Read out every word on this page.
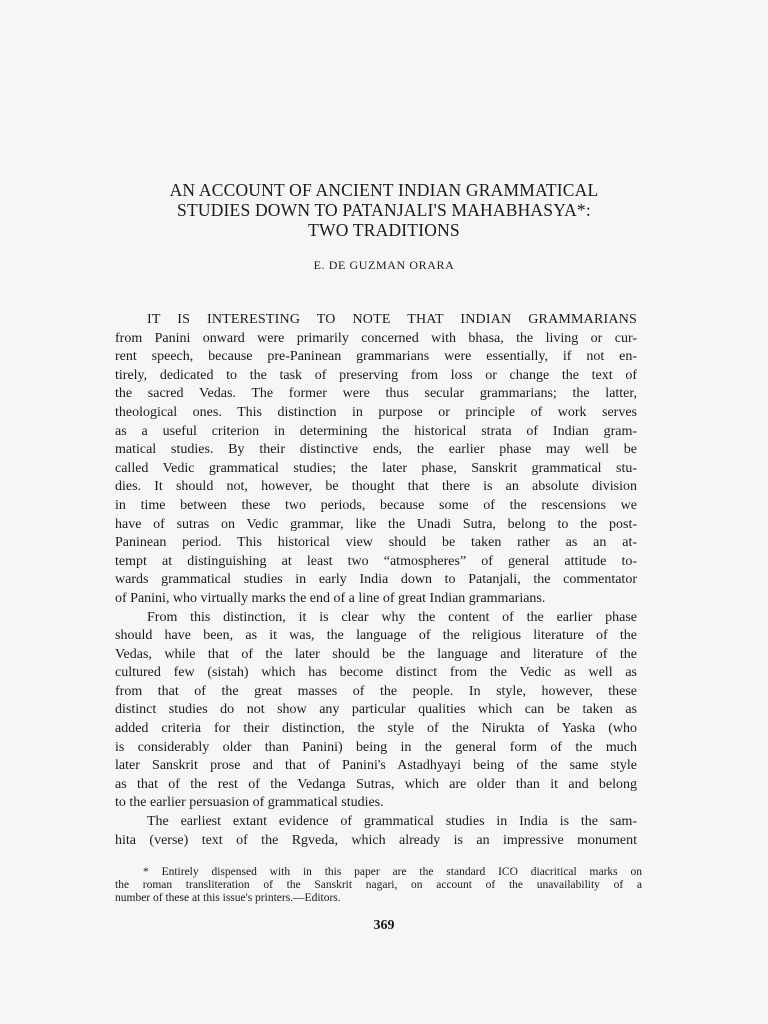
AN ACCOUNT OF ANCIENT INDIAN GRAMMATICAL
STUDIES DOWN TO PATANJALI'S MAHABHASYA*:
TWO TRADITIONS
E. DE GUZMAN ORARA
IT IS INTERESTING TO NOTE THAT INDIAN GRAMMARIANS
from Panini onward were primarily concerned with bhasa, the living or cur-
rent speech, because pre-Paninean grammarians were essentially, if not en-
tirely, dedicated to the task of preserving from loss or change the text of
the sacred Vedas. The former were thus secular grammarians; the latter,
theological ones. This distinction in purpose or principle of work serves
as a useful criterion in determining the historical strata of Indian gram-
matical studies. By their distinctive ends, the earlier phase may well be
called Vedic grammatical studies; the later phase, Sanskrit grammatical stu-
dies. It should not, however, be thought that there is an absolute division
in time between these two periods, because some of the rescensions we
have of sutras on Vedic grammar, like the Unadi Sutra, belong to the post-
Paninean period. This historical view should be taken rather as an at-
tempt at distinguishing at least two “atmospheres” of general attitude to-
wards grammatical studies in early India down to Patanjali, the commentator
of Panini, who virtually marks the end of a line of great Indian grammarians.
From this distinction, it is clear why the content of the earlier phase
should have been, as it was, the language of the religious literature of the
Vedas, while that of the later should be the language and literature of the
cultured few (sistah) which has become distinct from the Vedic as well as
from that of the great masses of the people. In style, however, these
distinct studies do not show any particular qualities which can be taken as
added criteria for their distinction, the style of the Nirukta of Yaska (who
is considerably older than Panini) being in the general form of the much
later Sanskrit prose and that of Panini's Astadhyayi being of the same style
as that of the rest of the Vedanga Sutras, which are older than it and belong
to the earlier persuasion of grammatical studies.
The earliest extant evidence of grammatical studies in India is the sam-
hita (verse) text of the Rgveda, which already is an impressive monument
* Entirely dispensed with in this paper are the standard ICO diacritical marks on
the roman transliteration of the Sanskrit nagari, on account of the unavailability of a
number of these at this issue's printers.—Editors.
369
